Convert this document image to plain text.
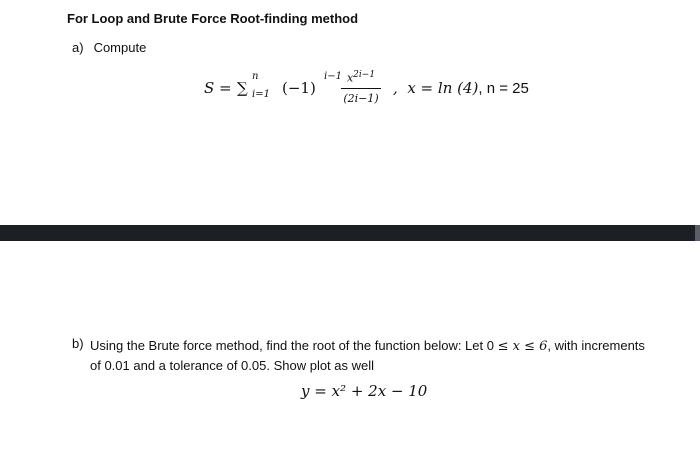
For Loop and Brute Force Root-finding method
a) Compute
S = ∑
n
i=1 (−1)
i−1 $x^{2i-1}$
(2i−1)
, x = ln (4), n = 25
b) Using the Brute force method, find the root of the function below: Let 0 ≤ x ≤ 6, with increments
of 0.01 and a tolerance of 0.05. Show plot as well
y = x² + 2x − 10
